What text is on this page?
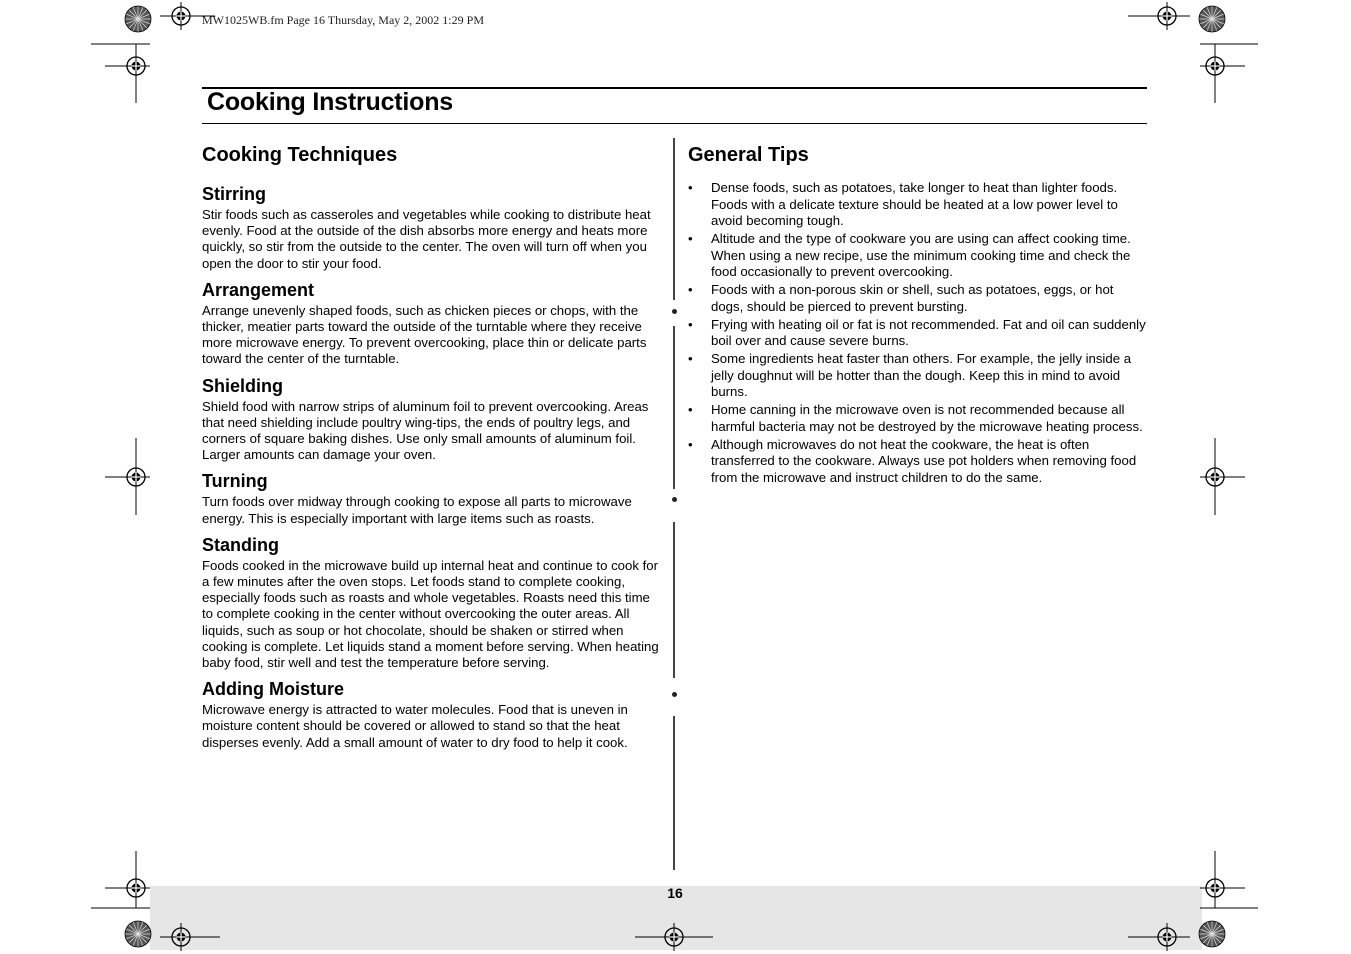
MW1025WB.fm Page 16 Thursday, May 2, 2002 1:29 PM
Cooking Instructions
Cooking Techniques
Stirring

Stir foods such as casseroles and vegetables while cooking to distribute heat evenly. Food at the outside of the dish absorbs more energy and heats more quickly, so stir from the outside to the center. The oven will turn off when you open the door to stir your food.

Arrangement

Arrange unevenly shaped foods, such as chicken pieces or chops, with the thicker, meatier parts toward the outside of the turntable where they receive more microwave energy. To prevent overcooking, place thin or delicate parts toward the center of the turntable.

Shielding

Shield food with narrow strips of aluminum foil to prevent overcooking. Areas that need shielding include poultry wing-tips, the ends of poultry legs, and corners of square baking dishes. Use only small amounts of aluminum foil. Larger amounts can damage your oven.

Turning

Turn foods over midway through cooking to expose all parts to microwave energy. This is especially important with large items such as roasts.

Standing

Foods cooked in the microwave build up internal heat and continue to cook for a few minutes after the oven stops. Let foods stand to complete cooking, especially foods such as roasts and whole vegetables. Roasts need this time to complete cooking in the center without overcooking the outer areas. All liquids, such as soup or hot chocolate, should be shaken or stirred when cooking is complete. Let liquids stand a moment before serving. When heating baby food, stir well and test the temperature before serving.

Adding Moisture

Microwave energy is attracted to water molecules. Food that is uneven in moisture content should be covered or allowed to stand so that the heat disperses evenly. Add a small amount of water to dry food to help it cook.

General Tips
• Dense foods, such as potatoes, take longer to heat than lighter foods. Foods with a delicate texture should be heated at a low power level to avoid becoming tough.
• Altitude and the type of cookware you are using can affect cooking time. When using a new recipe, use the minimum cooking time and check the food occasionally to prevent overcooking.
• Foods with a non-porous skin or shell, such as potatoes, eggs, or hot dogs, should be pierced to prevent bursting.
• Frying with heating oil or fat is not recommended. Fat and oil can suddenly boil over and cause severe burns.
• Some ingredients heat faster than others. For example, the jelly inside a jelly doughnut will be hotter than the dough. Keep this in mind to avoid burns.
• Home canning in the microwave oven is not recommended because all harmful bacteria may not be destroyed by the microwave heating process.
• Although microwaves do not heat the cookware, the heat is often transferred to the cookware. Always use pot holders when removing food from the microwave and instruct children to do the same.
16
